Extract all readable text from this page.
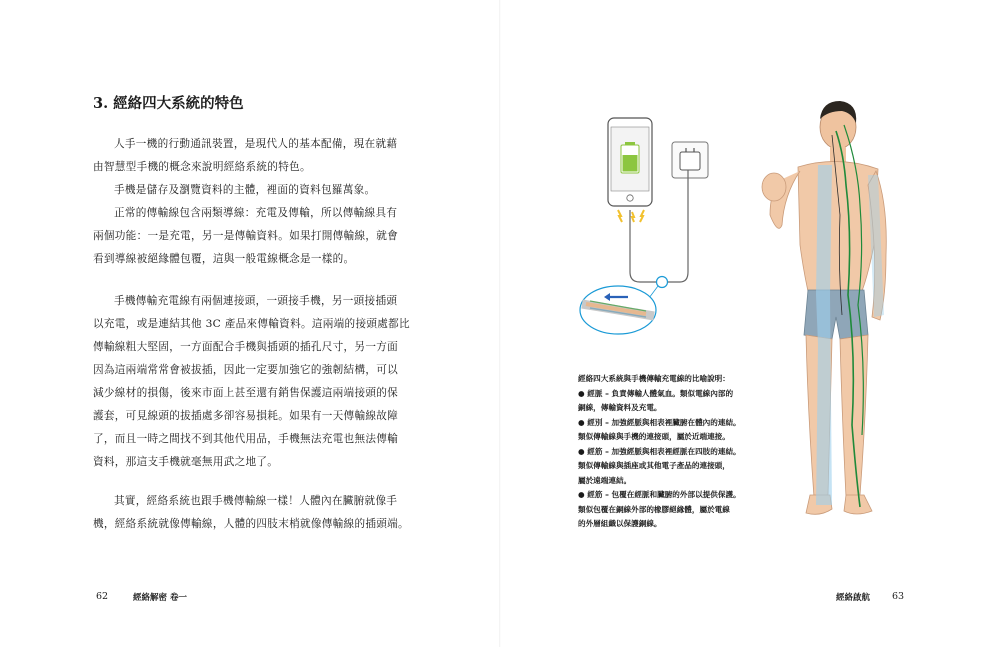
3. 經絡四大系統的特色
人手一機的行動通訊裝置，是現代人的基本配備，現在就藉
由智慧型手機的概念來說明經絡系統的特色。
手機是儲存及瀏覽資料的主體，裡面的資料包羅萬象。
正常的傳輸線包含兩類導線：充電及傳輸，所以傳輸線具有
兩個功能：一是充電，另一是傳輸資料。如果打開傳輸線，就會
看到導線被絕緣體包覆，這與一般電線概念是一樣的。
手機傳輸充電線有兩個連接頭，一頭接手機，另一頭接插頭
以充電，或是連結其他 3C 產品來傳輸資料。這兩端的接頭處都比
傳輸線粗大堅固，一方面配合手機與插頭的插孔尺寸，另一方面
因為這兩端常常會被拔插，因此一定要加強它的強韌結構，可以
減少線材的損傷，後來市面上甚至還有銷售保護這兩端接頭的保
護套，可見線頭的拔插處多卻容易損耗。如果有一天傳輸線故障
了，而且一時之間找不到其他代用品，手機無法充電也無法傳輸
資料，那這支手機就毫無用武之地了。
其實，經絡系統也跟手機傳輸線一樣！人體內在臟腑就像手
機，經絡系統就像傳輸線，人體的四肢末梢就像傳輸線的插頭端。
62	經絡解密 卷一
經絡四大系統與手機傳輸充電線的比喻說明：
● 經脈 – 負責傳輸人體氣血。類似電線內部的
銅線，傳輸資料及充電。
● 經別 – 加強經脈與相表裡臟腑在體內的連結。
類似傳輸線與手機的連接頭，屬於近端連接。
● 經筋 – 加強經脈與相表裡經脈在四肢的連結。
類似傳輸線與插座或其他電子產品的連接頭，
屬於遠端連結。
● 經筋 – 包覆在經脈和臟腑的外部以提供保護。
類似包覆在銅線外部的橡膠絕緣體，屬於電線
的外層組織以保護銅線。
經絡啟航 63
